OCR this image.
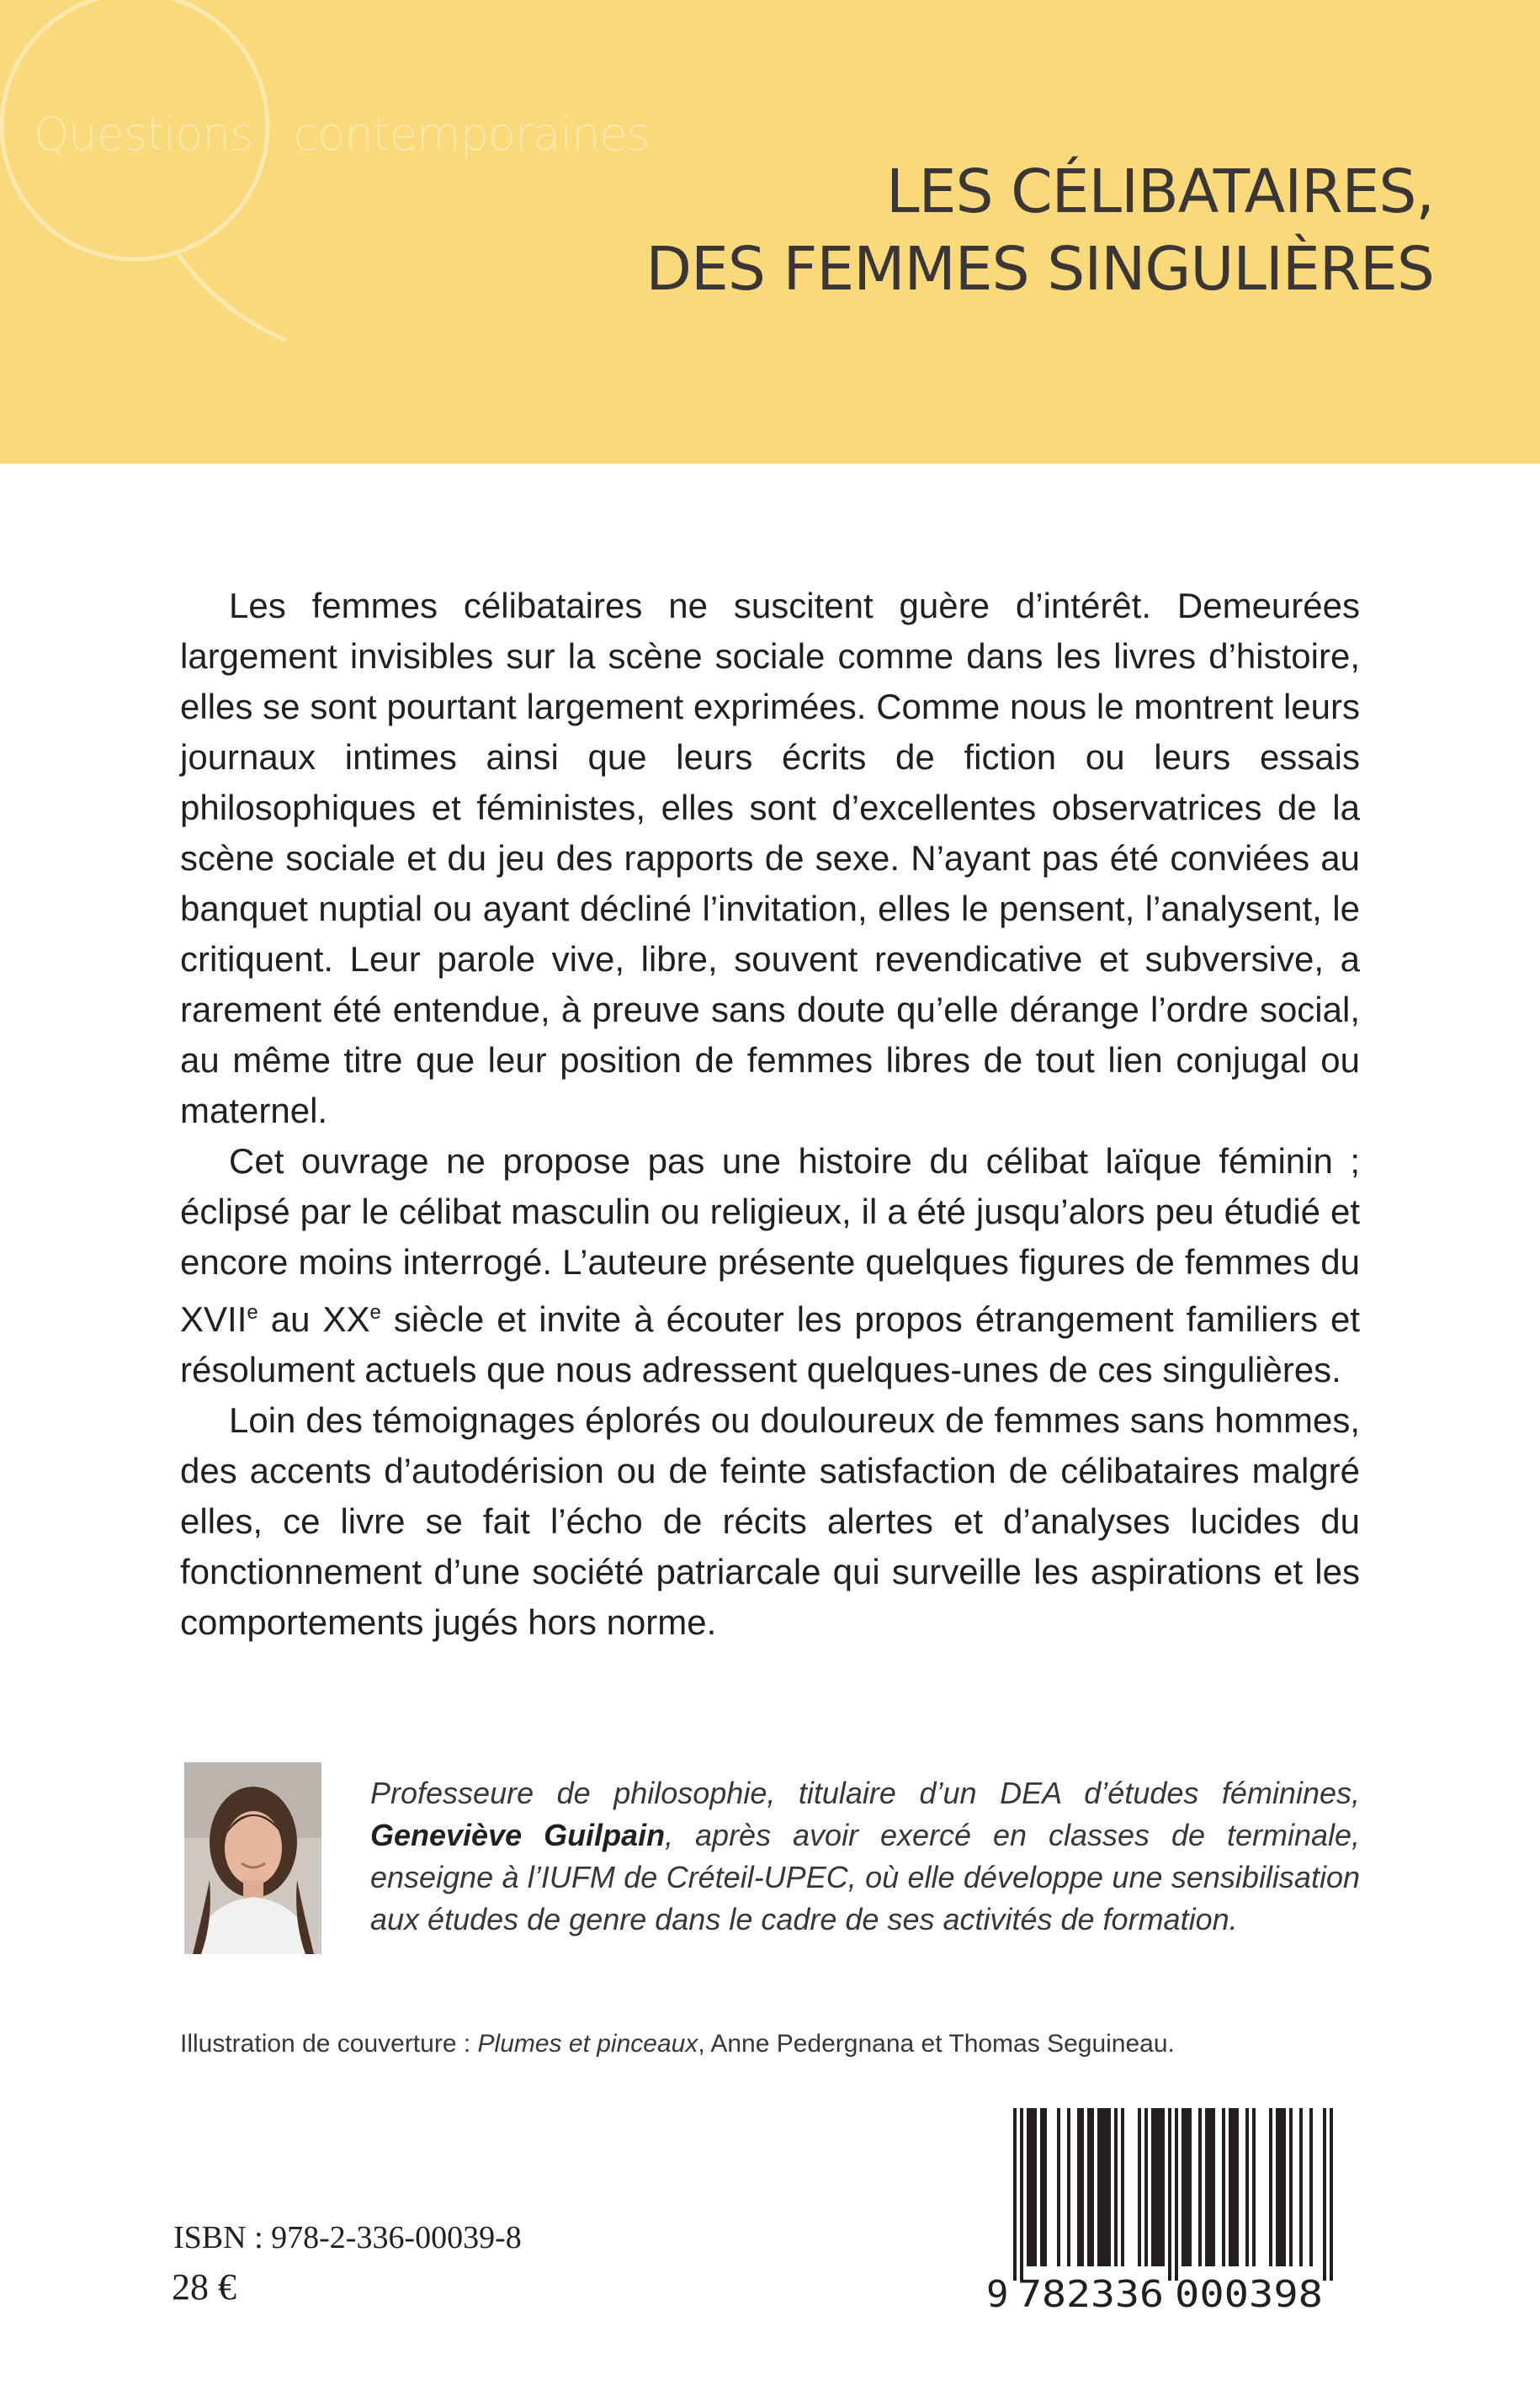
Questions contemporaines

LES CÉLIBATAIRES,
DES FEMMES SINGULIÈRES

Les femmes célibataires ne suscitent guère d’intérêt. Demeurées largement invisibles sur la scène sociale comme dans les livres d’histoire, elles se sont pourtant largement exprimées. Comme nous le montrent leurs journaux intimes ainsi que leurs écrits de fiction ou leurs essais philosophiques et féministes, elles sont d’excellentes observatrices de la scène sociale et du jeu des rapports de sexe. N’ayant pas été conviées au banquet nuptial ou ayant décliné l’invitation, elles le pensent, l’analysent, le critiquent. Leur parole vive, libre, souvent revendicative et subversive, a rarement été entendue, à preuve sans doute qu’elle dérange l’ordre social, au même titre que leur position de femmes libres de tout lien conjugal ou maternel.

Cet ouvrage ne propose pas une histoire du célibat laïque féminin ; éclipsé par le célibat masculin ou religieux, il a été jusqu’alors peu étudié et encore moins interrogé. L’auteure présente quelques figures de femmes du XVIIe au XXe siècle et invite à écouter les propos étrangement familiers et résolument actuels que nous adressent quelques-unes de ces singulières.

Loin des témoignages éplorés ou douloureux de femmes sans hommes, des accents d’autodérision ou de feinte satisfaction de célibataires malgré elles, ce livre se fait l’écho de récits alertes et d’analyses lucides du fonctionnement d’une société patriarcale qui surveille les aspirations et les comportements jugés hors norme.

Professeure de philosophie, titulaire d’un DEA d’études féminines, Geneviève Guilpain, après avoir exercé en classes de terminale, enseigne à l’IUFM de Créteil-UPEC, où elle développe une sensibilisation aux études de genre dans le cadre de ses activités de formation.

Illustration de couverture : Plumes et pinceaux, Anne Pedergnana et Thomas Seguineau.

ISBN : 978-2-336-00039-8

28 €	9 782336 000398
